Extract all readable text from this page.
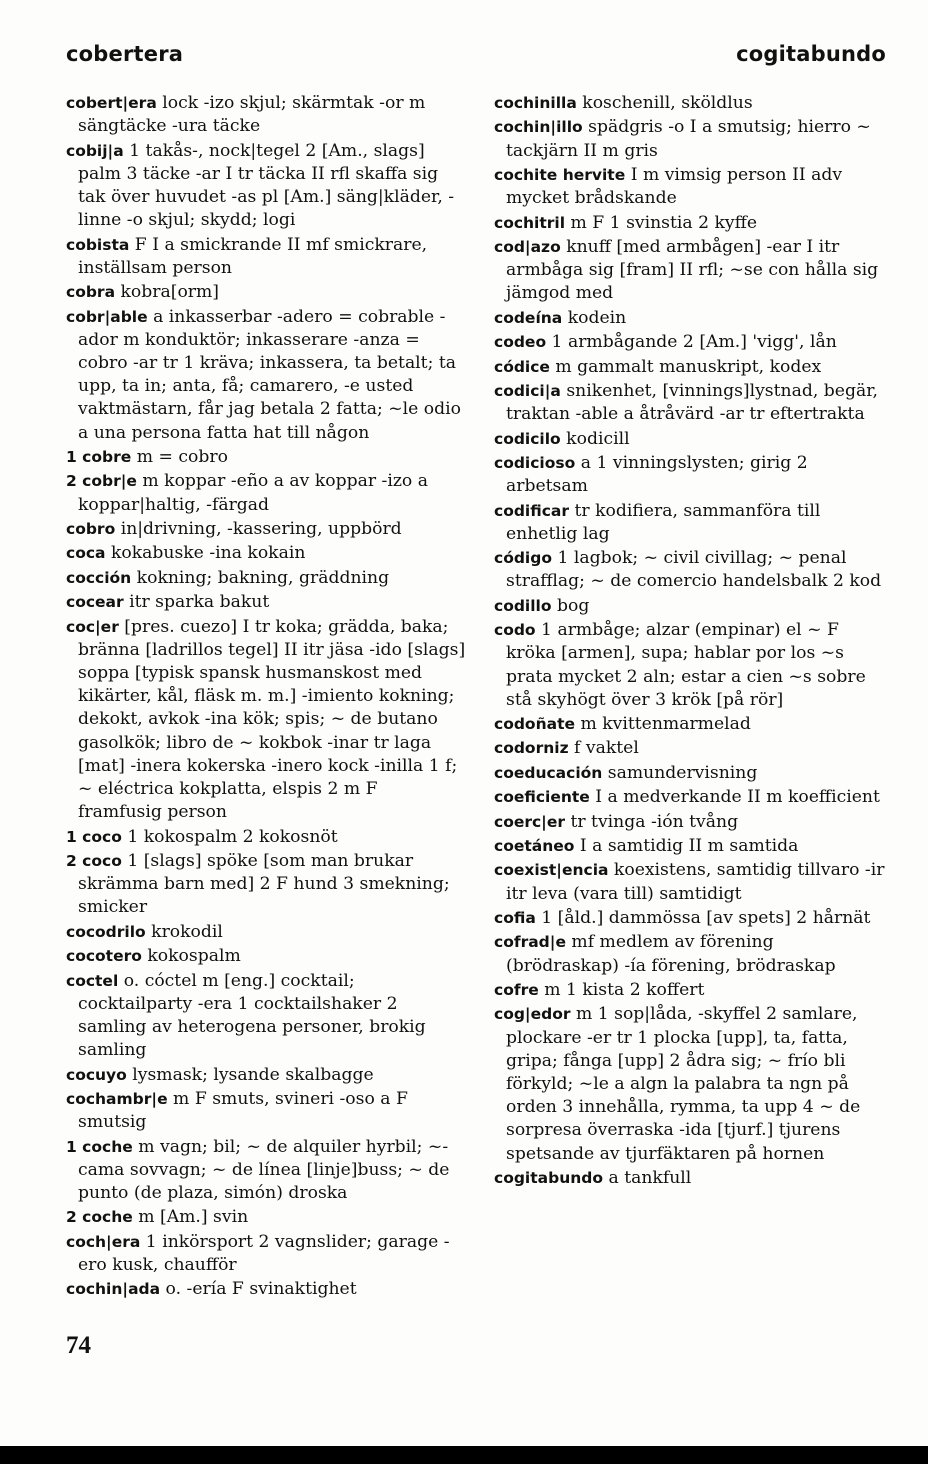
cobertera	cogitabundo

cobert|era lock -izo skjul; skärmtak -or m sängtäcke -ura täcke

cobij|a 1 takås-, nock|tegel 2 [Am., slags] palm 3 täcke -ar I tr täcka II rfl skaffa sig tak över huvudet -as pl [Am.] säng|kläder, -linne -o skjul; skydd; logi

cobista F I a smickrande II mf smickrare, inställsam person

cobra kobra[orm]

cobr|able a inkasserbar -adero = cobrable -ador m konduktör; inkasserare -anza = cobro -ar tr 1 kräva; inkassera, ta betalt; ta upp, ta in; anta, få; camarero, -e usted vaktmästarn, får jag betala 2 fatta; ~le odio a una persona fatta hat till någon

1 cobre m = cobro

2 cobr|e m koppar -eño a av koppar -izo a koppar|haltig, -färgad

cobro in|drivning, -kassering, uppbörd

coca kokabuske -ina kokain

cocción kokning; bakning, gräddning

cocear itr sparka bakut

coc|er [pres. cuezo] I tr koka; grädda, baka; bränna [ladrillos tegel] II itr jäsa -ido [slags] soppa [typisk spansk husmanskost med kikärter, kål, fläsk m. m.] -imiento kokning; dekokt, avkok -ina kök; spis; ~ de butano gasolkök; libro de ~ kokbok -inar tr laga [mat] -inera kokerska -inero kock -inilla 1 f; ~ eléctrica kokplatta, elspis 2 m F framfusig person

1 coco 1 kokospalm 2 kokosnöt

2 coco 1 [slags] spöke [som man brukar skrämma barn med] 2 F hund 3 smekning; smicker

cocodrilo krokodil

cocotero kokospalm

coctel o. cóctel m [eng.] cocktail; cocktailparty -era 1 cocktailshaker 2 samling av heterogena personer, brokig samling

cocuyo lysmask; lysande skalbagge

cochambr|e m F smuts, svineri -oso a F smutsig

1 coche m vagn; bil; ~ de alquiler hyrbil; ~-cama sovvagn; ~ de línea [linje]buss; ~ de punto (de plaza, simón) droska

2 coche m [Am.] svin

coch|era 1 inkörsport 2 vagnslider; garage -ero kusk, chaufför

cochin|ada o. -ería F svinaktighet

cochinilla koschenill, sköldlus

cochin|illo spädgris -o I a smutsig; hierro ~ tackjärn II m gris

cochite hervite I m vimsig person II adv mycket brådskande

cochitril m F 1 svinstia 2 kyffe

cod|azo knuff [med armbågen] -ear I itr armbåga sig [fram] II rfl; ~se con hålla sig jämgod med

codeína kodein

codeo 1 armbågande 2 [Am.] 'vigg', lån

códice m gammalt manuskript, kodex

codici|a snikenhet, [vinnings]lystnad, begär, traktan -able a åtråvärd -ar tr eftertrakta

codicilo kodicill

codicioso a 1 vinningslysten; girig 2 arbetsam

codificar tr kodifiera, sammanföra till enhetlig lag

código 1 lagbok; ~ civil civillag; ~ penal strafflag; ~ de comercio handelsbalk 2 kod

codillo bog

codo 1 armbåge; alzar (empinar) el ~ F kröka [armen], supa; hablar por los ~s prata mycket 2 aln; estar a cien ~s sobre stå skyhögt över 3 krök [på rör]

codoñate m kvittenmarmelad

codorniz f vaktel

coeducación samundervisning

coeficiente I a medverkande II m koefficient

coerc|er tr tvinga -ión tvång

coetáneo I a samtidig II m samtida

coexist|encia koexistens, samtidig tillvaro -ir itr leva (vara till) samtidigt

cofia 1 [åld.] dammössa [av spets] 2 hårnät

cofrad|e mf medlem av förening (brödraskap) -ía förening, brödraskap

cofre m 1 kista 2 koffert

cog|edor m 1 sop|låda, -skyffel 2 samlare, plockare -er tr 1 plocka [upp], ta, fatta, gripa; fånga [upp] 2 ådra sig; ~ frío bli förkyld; ~le a algn la palabra ta ngn på orden 3 innehålla, rymma, ta upp 4 ~ de sorpresa överraska -ida [tjurf.] tjurens spetsande av tjurfäktaren på hornen

cogitabundo a tankfull

74
